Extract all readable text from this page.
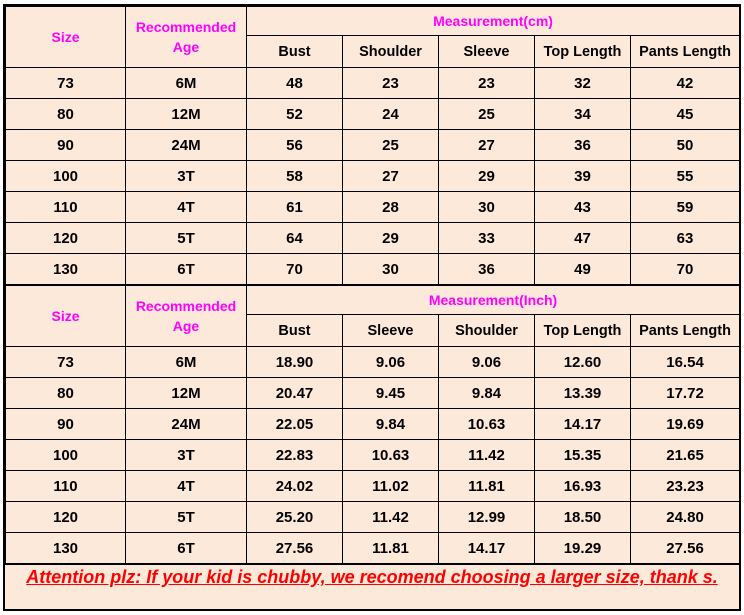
Size	Recommended Age	Measurement(cm)				
		Bust	Shoulder	Sleeve	Top Length	Pants Length
73	6M	48	23	23	32	42
80	12M	52	24	25	34	45
90	24M	56	25	27	36	50
100	3T	58	27	29	39	55
110	4T	61	28	30	43	59
120	5T	64	29	33	47	63
130	6T	70	30	36	49	70
Size	Recommended Age	Measurement(Inch)				
		Bust	Sleeve	Shoulder	Top Length	Pants Length
73	6M	18.90	9.06	9.06	12.60	16.54
80	12M	20.47	9.45	9.84	13.39	17.72
90	24M	22.05	9.84	10.63	14.17	19.69
100	3T	22.83	10.63	11.42	15.35	21.65
110	4T	24.02	11.02	11.81	16.93	23.23
120	5T	25.20	11.42	12.99	18.50	24.80
130	6T	27.56	11.81	14.17	19.29	27.56
Attention plz: If your kid is chubby, we recomend choosing a larger size, thank s.
